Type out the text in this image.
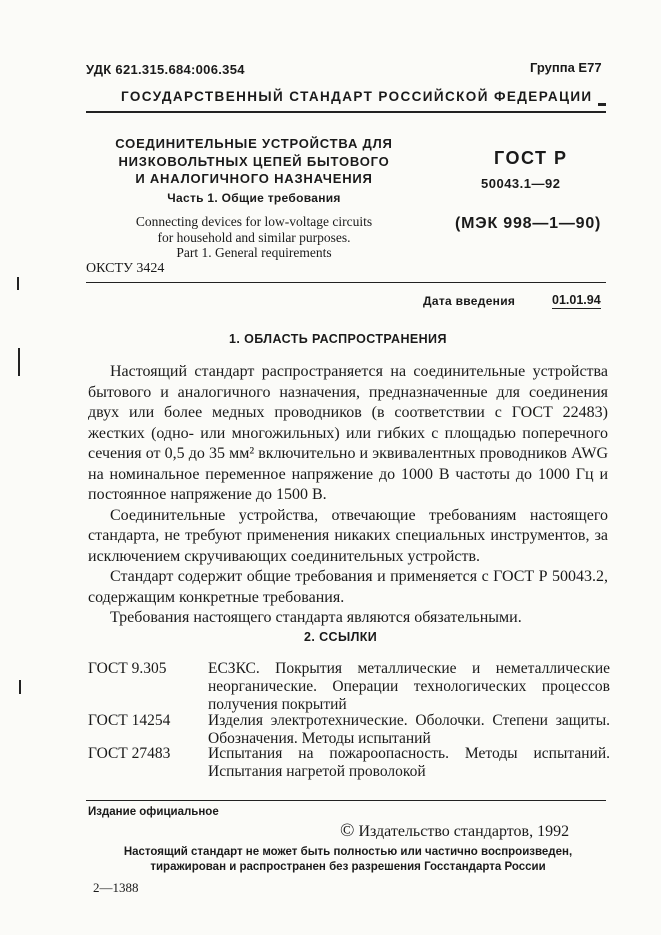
УДК 621.315.684:006.354	Группа Е77
ГОСУДАРСТВЕННЫЙ СТАНДАРТ РОССИЙСКОЙ ФЕДЕРАЦИИ
СОЕДИНИТЕЛЬНЫЕ УСТРОЙСТВА ДЛЯ
НИЗКОВОЛЬТНЫХ ЦЕПЕЙ БЫТОВОГО
И АНАЛОГИЧНОГО НАЗНАЧЕНИЯ
Часть 1. Общие требования
Connecting devices for low-voltage circuits
for household and similar purposes.
Part 1. General requirements
ГОСТ Р
50043.1—92
(МЭК 998—1—90)
ОКСТУ 3424
Дата введения	01.01.94
1. ОБЛАСТЬ РАСПРОСТРАНЕНИЯ

Настоящий стандарт распространяется на соединительные устройства бытового и аналогичного назначения, предназначенные для соединения двух или более медных проводников (в соответствии с ГОСТ 22483) жестких (одно- или многожильных) или гибких с площадью поперечного сечения от 0,5 до 35 мм² включительно и эквивалентных проводников AWG на номинальное переменное напряжение до 1000 В частоты до 1000 Гц и постоянное напряжение до 1500 В.

Соединительные устройства, отвечающие требованиям настоящего стандарта, не требуют применения никаких специальных инструментов, за исключением скручивающих соединительных устройств.

Стандарт содержит общие требования и применяется с ГОСТ Р 50043.2, содержащим конкретные требования.

Требования настоящего стандарта являются обязательными.

2. ССЫЛКИ
ГОСТ 9.305	ЕСЗКС. Покрытия металлические и неметаллические неорганические. Операции технологических процессов получения покрытий
ГОСТ 14254 Изделия электротехнические. Оболочки. Степени защиты. Обозначения. Методы испытаний
ГОСТ 27483 Испытания на пожароопасность. Методы испытаний. Испытания нагретой проволокой
Издание официальное
© Издательство стандартов, 1992
Настоящий стандарт не может быть полностью или частично воспроизведен,
тиражирован и распространен без разрешения Госстандарта России
2—1388
